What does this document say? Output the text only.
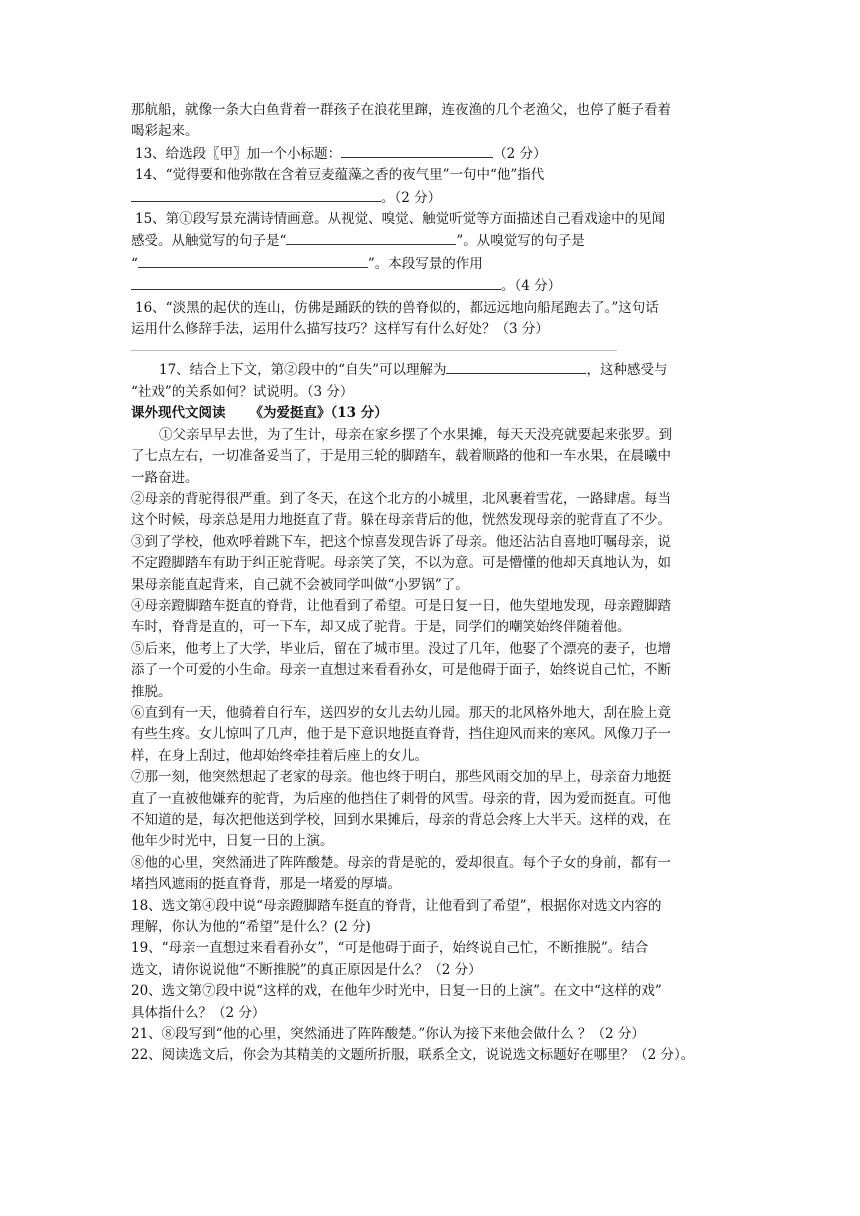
那航船，就像一条大白鱼背着一群孩子在浪花里蹿，连夜渔的几个老渔父，也停了艇子看着

喝彩起来。

13、给选段〖甲〗加一个小标题：	（2 分）

14、“觉得要和他弥散在含着豆麦蕴藻之香的夜气里”一句中“他”指代

。（2 分）

15、第①段写景充满诗情画意。从视觉、嗅觉、触觉听觉等方面描述自己看戏途中的见闻

感受。从触觉写的句子是“	”。从嗅觉写的句子是

“	”。本段写景的作用

。（4 分）

16、“淡黑的起伏的连山，仿佛是踊跃的铁的兽脊似的，都远远地向船尾跑去了。”这句话

运用什么修辞手法，运用什么描写技巧？这样写有什么好处？（3 分）

17、结合上下文，第②段中的“自失”可以理解为	，这种感受与

“社戏”的关系如何？试说明。（3 分）

课外现代文阅读 《为爱挺直》（13 分）

①父亲早早去世，为了生计，母亲在家乡摆了个水果摊，每天天没亮就要起来张罗。到

了七点左右，一切准备妥当了，于是用三轮的脚踏车，载着顺路的他和一车水果，在晨曦中

一路奋进。

②母亲的背驼得很严重。到了冬天，在这个北方的小城里，北风裹着雪花，一路肆虐。每当

这个时候，母亲总是用力地挺直了背。躲在母亲背后的他，恍然发现母亲的驼背直了不少。

③到了学校，他欢呼着跳下车，把这个惊喜发现告诉了母亲。他还沾沾自喜地叮嘱母亲，说

不定蹬脚踏车有助于纠正驼背呢。母亲笑了笑，不以为意。可是懵懂的他却天真地认为，如

果母亲能直起背来，自己就不会被同学叫做“小罗锅”了。

④母亲蹬脚踏车挺直的脊背，让他看到了希望。可是日复一日，他失望地发现，母亲蹬脚踏

车时，脊背是直的，可一下车，却又成了驼背。于是，同学们的嘲笑始终伴随着他。

⑤后来，他考上了大学，毕业后，留在了城市里。没过了几年，他娶了个漂亮的妻子，也增

添了一个可爱的小生命。母亲一直想过来看看孙女，可是他碍于面子，始终说自己忙，不断

推脱。

⑥直到有一天，他骑着自行车，送四岁的女儿去幼儿园。那天的北风格外地大，刮在脸上竟

有些生疼。女儿惊叫了几声，他于是下意识地挺直脊背，挡住迎风而来的寒风。风像刀子一

样，在身上刮过，他却始终牵挂着后座上的女儿。

⑦那一刻，他突然想起了老家的母亲。他也终于明白，那些风雨交加的早上，母亲奋力地挺

直了一直被他嫌弃的驼背，为后座的他挡住了刺骨的风雪。母亲的背，因为爱而挺直。可他

不知道的是，每次把他送到学校，回到水果摊后，母亲的背总会疼上大半天。这样的戏，在

他年少时光中，日复一日的上演。

⑧他的心里，突然涌进了阵阵酸楚。母亲的背是驼的，爱却很直。每个子女的身前，都有一

堵挡风遮雨的挺直脊背，那是一堵爱的厚墙。

18、选文第④段中说“母亲蹬脚踏车挺直的脊背，让他看到了希望”，根据你对选文内容的

理解，你认为他的“希望”是什么？(2 分)

19、“母亲一直想过来看看孙女”，“可是他碍于面子，始终说自己忙，不断推脱”。结合

选文，请你说说他“不断推脱”的真正原因是什么？（2 分）

20、选文第⑦段中说“这样的戏，在他年少时光中，日复一日的上演”。在文中“这样的戏”

具体指什么？（2 分）

21、⑧段写到“他的心里，突然涌进了阵阵酸楚。”你认为接下来他会做什么 ？（2 分）

22、阅读选文后，你会为其精美的文题所折服，联系全文，说说选文标题好在哪里？（2 分）。
